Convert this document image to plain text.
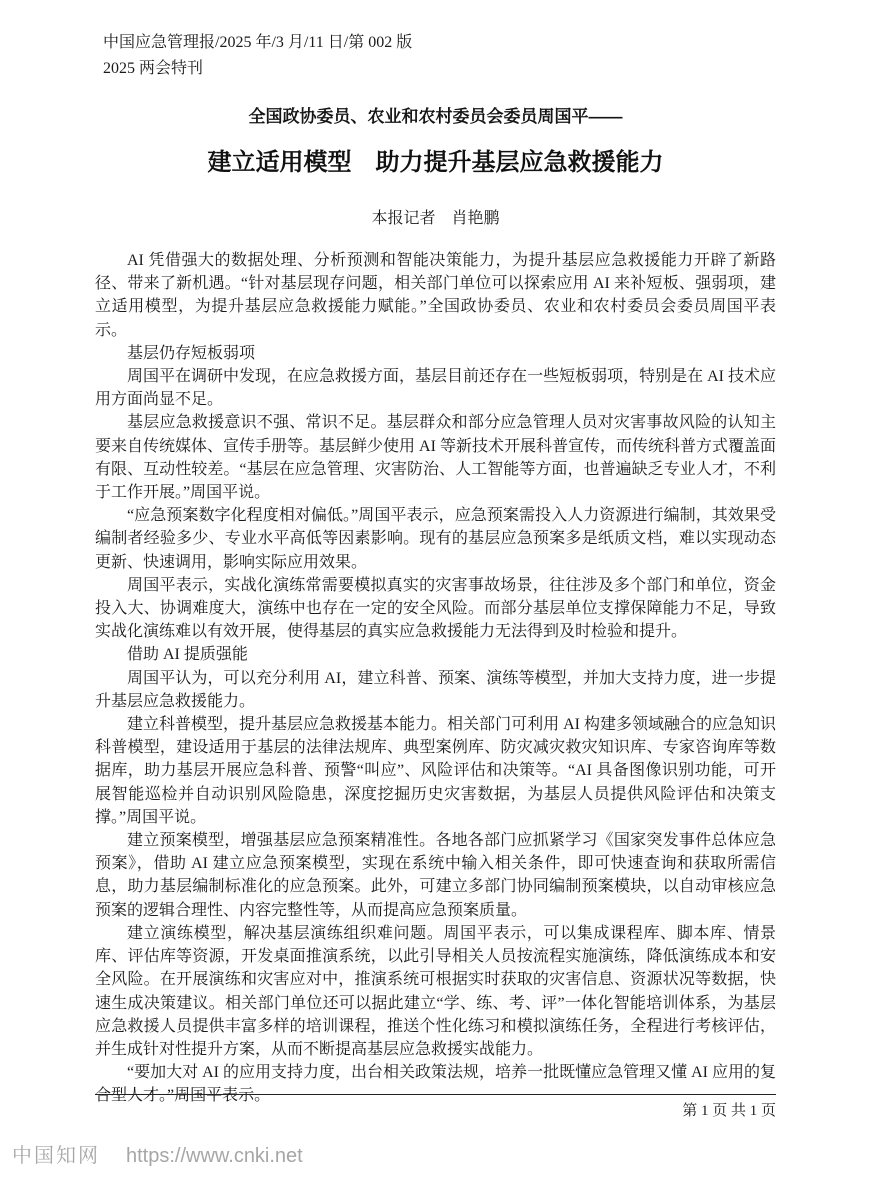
中国应急管理报/2025 年/3 月/11 日/第 002 版
2025 两会特刊
全国政协委员、农业和农村委员会委员周国平——
建立适用模型　助力提升基层应急救援能力
本报记者　肖艳鹏

AI 凭借强大的数据处理、分析预测和智能决策能力，为提升基层应急救援能力开辟了新路径、带来了新机遇。“针对基层现存问题，相关部门单位可以探索应用 AI 来补短板、强弱项，建立适用模型，为提升基层应急救援能力赋能。”全国政协委员、农业和农村委员会委员周国平表示。

基层仍存短板弱项

周国平在调研中发现，在应急救援方面，基层目前还存在一些短板弱项，特别是在 AI 技术应用方面尚显不足。

基层应急救援意识不强、常识不足。基层群众和部分应急管理人员对灾害事故风险的认知主要来自传统媒体、宣传手册等。基层鲜少使用 AI 等新技术开展科普宣传，而传统科普方式覆盖面有限、互动性较差。“基层在应急管理、灾害防治、人工智能等方面，也普遍缺乏专业人才，不利于工作开展。”周国平说。

“应急预案数字化程度相对偏低。”周国平表示，应急预案需投入人力资源进行编制，其效果受编制者经验多少、专业水平高低等因素影响。现有的基层应急预案多是纸质文档，难以实现动态更新、快速调用，影响实际应用效果。

周国平表示，实战化演练常需要模拟真实的灾害事故场景，往往涉及多个部门和单位，资金投入大、协调难度大，演练中也存在一定的安全风险。而部分基层单位支撑保障能力不足，导致实战化演练难以有效开展，使得基层的真实应急救援能力无法得到及时检验和提升。

借助 AI 提质强能

周国平认为，可以充分利用 AI，建立科普、预案、演练等模型，并加大支持力度，进一步提升基层应急救援能力。

建立科普模型，提升基层应急救援基本能力。相关部门可利用 AI 构建多领域融合的应急知识科普模型，建设适用于基层的法律法规库、典型案例库、防灾减灾救灾知识库、专家咨询库等数据库，助力基层开展应急科普、预警“叫应”、风险评估和决策等。“AI 具备图像识别功能，可开展智能巡检并自动识别风险隐患，深度挖掘历史灾害数据，为基层人员提供风险评估和决策支撑。”周国平说。

建立预案模型，增强基层应急预案精准性。各地各部门应抓紧学习《国家突发事件总体应急预案》，借助 AI 建立应急预案模型，实现在系统中输入相关条件，即可快速查询和获取所需信息，助力基层编制标准化的应急预案。此外，可建立多部门协同编制预案模块，以自动审核应急预案的逻辑合理性、内容完整性等，从而提高应急预案质量。

建立演练模型，解决基层演练组织难问题。周国平表示，可以集成课程库、脚本库、情景库、评估库等资源，开发桌面推演系统，以此引导相关人员按流程实施演练，降低演练成本和安全风险。在开展演练和灾害应对中，推演系统可根据实时获取的灾害信息、资源状况等数据，快速生成决策建议。相关部门单位还可以据此建立“学、练、考、评”一体化智能培训体系，为基层应急救援人员提供丰富多样的培训课程，推送个性化练习和模拟演练任务，全程进行考核评估，并生成针对性提升方案，从而不断提高基层应急救援实战能力。

“要加大对 AI 的应用支持力度，出台相关政策法规，培养一批既懂应急管理又懂 AI 应用的复合型人才。”周国平表示。

第 1 页 共 1 页
中国知网 https://www.cnki.net
